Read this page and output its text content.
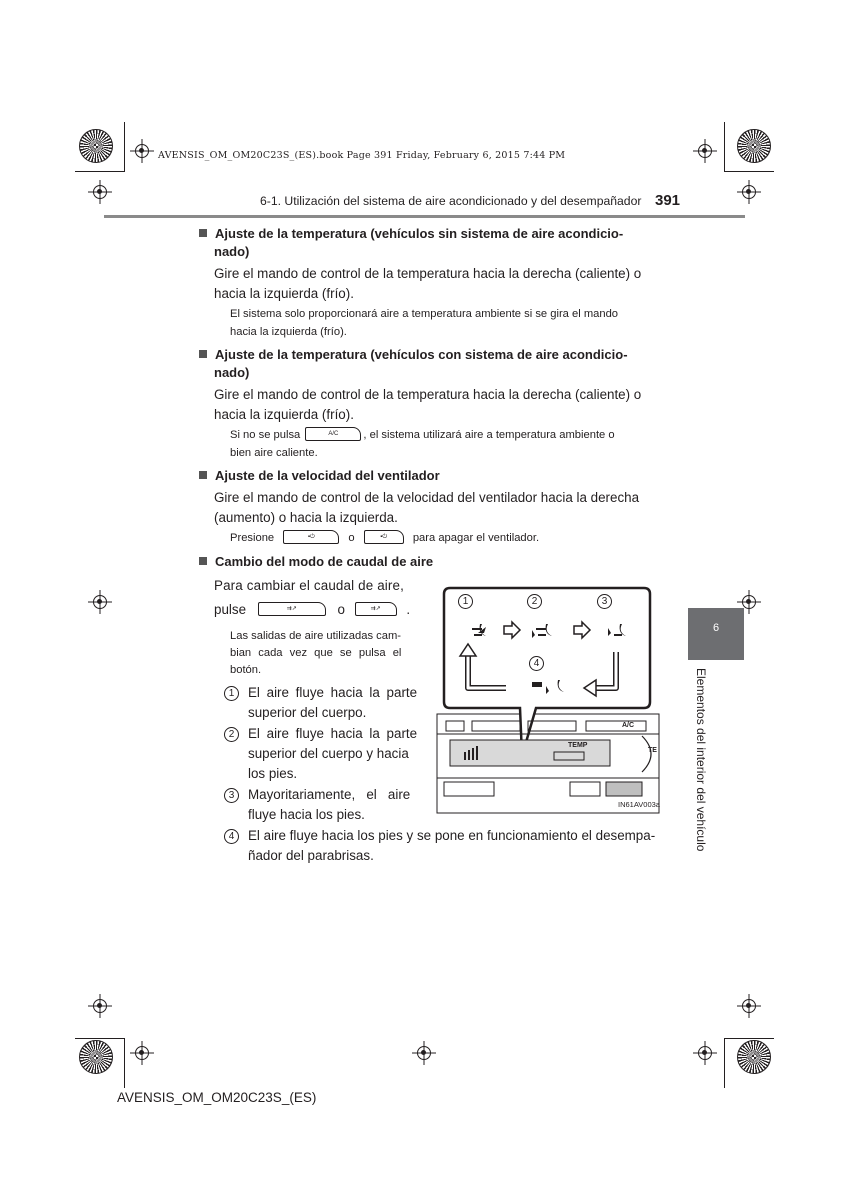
AVENSIS_OM_OM20C23S_(ES).book Page 391 Friday, February 6, 2015 7:44 PM
6-1. Utilización del sistema de aire acondicionado y del desempañador 391
Ajuste de la temperatura (vehículos sin sistema de aire acondicio-
nado)
Gire el mando de control de la temperatura hacia la derecha (caliente) o
hacia la izquierda (frío).
El sistema solo proporcionará aire a temperatura ambiente si se gira el mando
hacia la izquierda (frío).
Ajuste de la temperatura (vehículos con sistema de aire acondicio-
nado)
Gire el mando de control de la temperatura hacia la derecha (caliente) o
hacia la izquierda (frío).
Si no se pulsa	A/C , el sistema utilizará aire a temperatura ambiente o
bien aire caliente.
Ajuste de la velocidad del ventilador
Gire el mando de control de la velocidad del ventilador hacia la derecha
(aumento) o hacia la izquierda.
Presione	▪⏻	o	▪⏻ para apagar el ventilador.
Cambio del modo de caudal de aire
Para cambiar el caudal de aire,
pulse	⇉↗	o	⇉↗ .
Las salidas de aire utilizadas cam-
bian cada vez que se pulsa el
botón.
1	El aire fluye hacia la parte
superior del cuerpo.
2	El aire fluye hacia la parte
superior del cuerpo y hacia
los pies.
3	Mayoritariamente,   el   aire
fluye hacia los pies.
4	El aire fluye hacia los pies y se pone en funcionamiento el desempa-
ñador del parabrisas.
1	2	3
4
A/C
TEMP
TE
IN61AV003a
6
Elementos del interior del vehículo
AVENSIS_OM_OM20C23S_(ES)
